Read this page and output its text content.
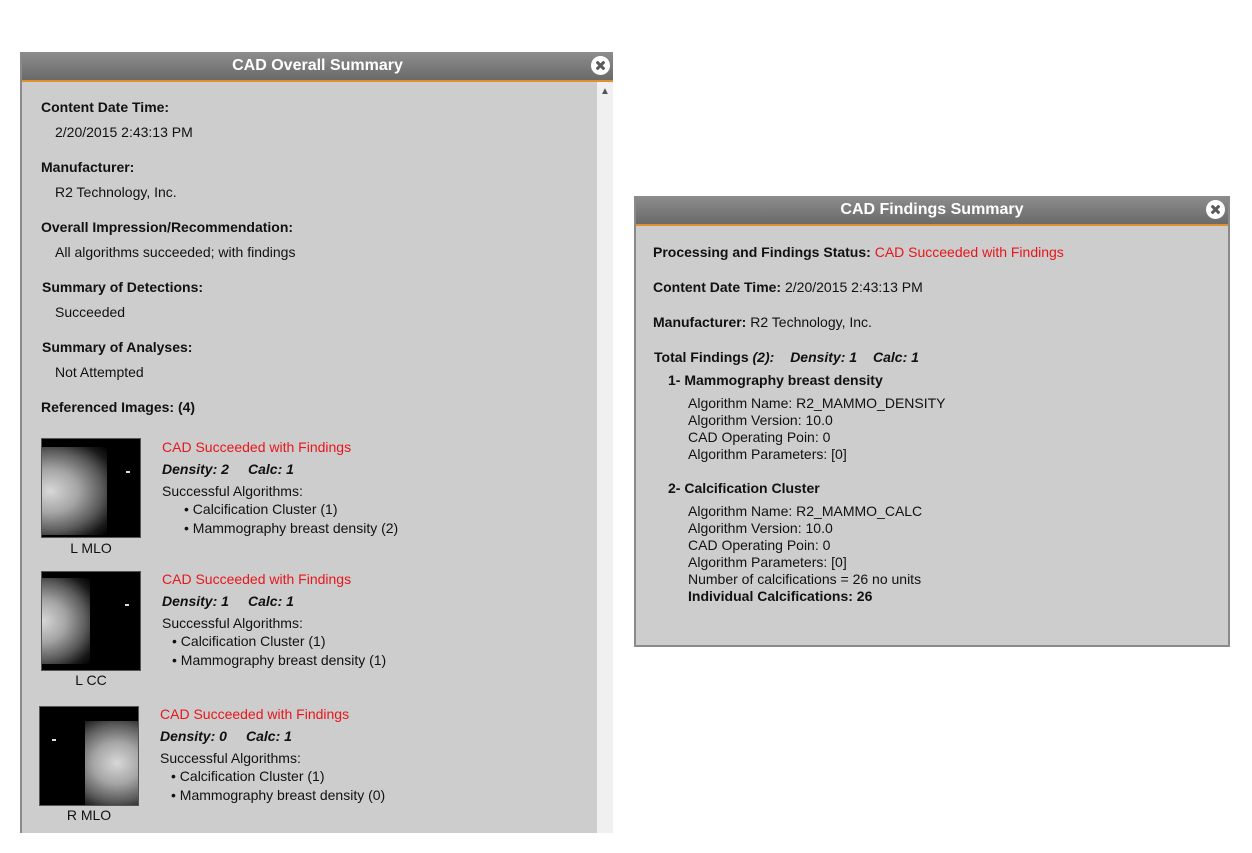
CAD Overall Summary
▲
Content Date Time:
2/20/2015 2:43:13 PM
Manufacturer:
R2 Technology, Inc.
Overall Impression/Recommendation:
All algorithms succeeded; with findings
Summary of Detections:
Succeeded
Summary of Analyses:
Not Attempted
Referenced Images: (4)
L MLO
CAD Succeeded with Findings
Density: 2 Calc: 1
Successful Algorithms:
• Calcification Cluster (1)
• Mammography breast density (2)
L CC
CAD Succeeded with Findings
Density: 1 Calc: 1
Successful Algorithms:
• Calcification Cluster (1)
• Mammography breast density (1)
R MLO
CAD Succeeded with Findings
Density: 0 Calc: 1
Successful Algorithms:
• Calcification Cluster (1)
• Mammography breast density (0)
CAD Findings Summary
Processing and Findings Status: CAD Succeeded with Findings
Content Date Time: 2/20/2015 2:43:13 PM
Manufacturer: R2 Technology, Inc.
Total Findings (2): Density: 1 Calc: 1
1- Mammography breast density
Algorithm Name: R2_MAMMO_DENSITY
Algorithm Version: 10.0
CAD Operating Poin: 0
Algorithm Parameters: [0]
2- Calcification Cluster
Algorithm Name: R2_MAMMO_CALC
Algorithm Version: 10.0
CAD Operating Poin: 0
Algorithm Parameters: [0]
Number of calcifications = 26 no units
Individual Calcifications: 26
